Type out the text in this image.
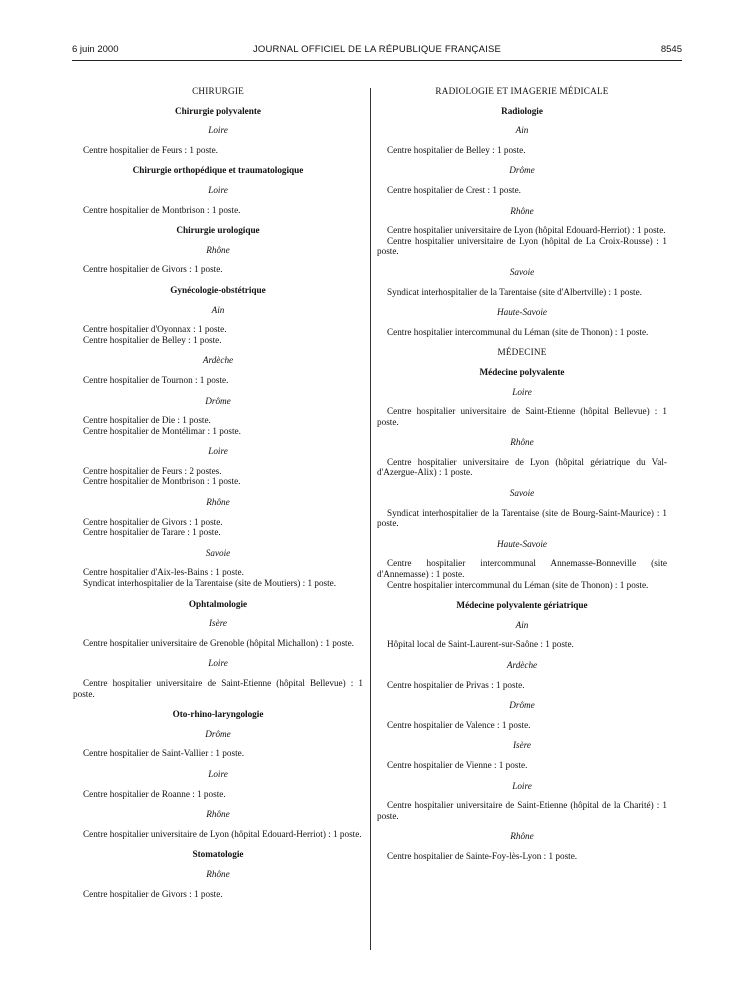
6 juin 2000	JOURNAL OFFICIEL DE LA RÉPUBLIQUE FRANÇAISE	8545
CHIRURGIE
Chirurgie polyvalente
Loire

Centre hospitalier de Feurs : 1 poste.

Chirurgie orthopédique et traumatologique
Loire

Centre hospitalier de Montbrison : 1 poste.

Chirurgie urologique
Rhône

Centre hospitalier de Givors : 1 poste.

Gynécologie-obstétrique
Ain

Centre hospitalier d'Oyonnax : 1 poste.

Centre hospitalier de Belley : 1 poste.

Ardèche

Centre hospitalier de Tournon : 1 poste.

Drôme

Centre hospitalier de Die : 1 poste.

Centre hospitalier de Montélimar : 1 poste.

Loire

Centre hospitalier de Feurs : 2 postes.

Centre hospitalier de Montbrison : 1 poste.

Rhône

Centre hospitalier de Givors : 1 poste.

Centre hospitalier de Tarare : 1 poste.

Savoie

Centre hospitalier d'Aix-les-Bains : 1 poste.

Syndicat interhospitalier de la Tarentaise (site de Moutiers) : 1 poste.

Ophtalmologie
Isère

Centre hospitalier universitaire de Grenoble (hôpital Michallon) : 1 poste.

Loire

Centre hospitalier universitaire de Saint-Etienne (hôpital Bellevue) : 1 poste.

Oto-rhino-laryngologie
Drôme

Centre hospitalier de Saint-Vallier : 1 poste.

Loire

Centre hospitalier de Roanne : 1 poste.

Rhône

Centre hospitalier universitaire de Lyon (hôpital Edouard-Herriot) : 1 poste.

Stomatologie
Rhône

Centre hospitalier de Givors : 1 poste.

RADIOLOGIE ET IMAGERIE MÉDICALE
Radiologie
Ain

Centre hospitalier de Belley : 1 poste.

Drôme

Centre hospitalier de Crest : 1 poste.

Rhône

Centre hospitalier universitaire de Lyon (hôpital Edouard-Herriot) : 1 poste.

Centre hospitalier universitaire de Lyon (hôpital de La Croix-Rousse) : 1 poste.

Savoie

Syndicat interhospitalier de la Tarentaise (site d'Albertville) : 1 poste.

Haute-Savoie

Centre hospitalier intercommunal du Léman (site de Thonon) : 1 poste.

MÉDECINE
Médecine polyvalente
Loire

Centre hospitalier universitaire de Saint-Etienne (hôpital Bellevue) : 1 poste.

Rhône

Centre hospitalier universitaire de Lyon (hôpital gériatrique du Val-d'Azergue-Alix) : 1 poste.

Savoie

Syndicat interhospitalier de la Tarentaise (site de Bourg-Saint-Maurice) : 1 poste.

Haute-Savoie

Centre hospitalier intercommunal Annemasse-Bonneville (site d'Annemasse) : 1 poste.

Centre hospitalier intercommunal du Léman (site de Thonon) : 1 poste.

Médecine polyvalente gériatrique
Ain

Hôpital local de Saint-Laurent-sur-Saône : 1 poste.

Ardèche

Centre hospitalier de Privas : 1 poste.

Drôme

Centre hospitalier de Valence : 1 poste.

Isère

Centre hospitalier de Vienne : 1 poste.

Loire

Centre hospitalier universitaire de Saint-Etienne (hôpital de la Charité) : 1 poste.

Rhône

Centre hospitalier de Sainte-Foy-lès-Lyon : 1 poste.
